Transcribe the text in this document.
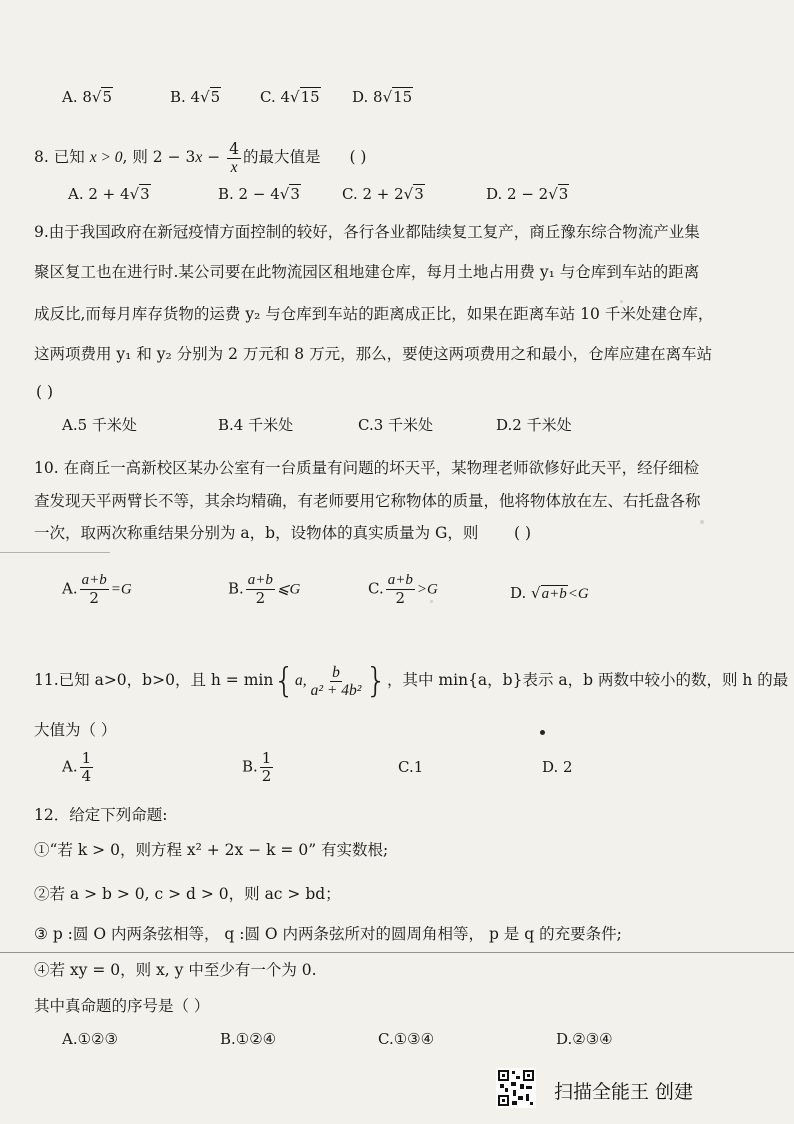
A. 8√5	B. 4√5	C. 4√15 D. 8√15
8. 已知 x > 0, 则 $2 - 3x - \frac{4}{x}$ 的最大值是 ( )
A. 2 + 4√3	B. 2 − 4√3	C. 2 + 2√3	D. 2 − 2√3
9.由于我国政府在新冠疫情方面控制的较好，各行各业都陆续复工复产，商丘豫东综合物流产业集
聚区复工也在进行时.某公司要在此物流园区租地建仓库，每月土地占用费 y₁ 与仓库到车站的距离
成反比,而每月库存货物的运费 y₂ 与仓库到车站的距离成正比，如果在距离车站 10 千米处建仓库，
这两项费用 y₁ 和 y₂ 分别为 2 万元和 8 万元，那么，要使这两项费用之和最小，仓库应建在离车站
( )
A.5 千米处	B.4 千米处	C.3 千米处	D.2 千米处
10. 在商丘一高新校区某办公室有一台质量有问题的坏天平，某物理老师欲修好此天平，经仔细检
查发现天平两臂长不等，其余均精确，有老师要用它称物体的质量，他将物体放在左、右托盘各称
一次，取两次称重结果分别为 a，b，设物体的真实质量为 G，则 ( )
A. $\frac{a+b}{2} =G$	B. $\frac{a+b}{2}$ ⩽G	C. $\frac{a+b}{2} >G$	D. √a+b<G
11.已知 a>0，b>0，且 h = min{a, $\frac{b}{\text{a² + 4b²}}$ }，其中 min{a，b}表示 a，b 两数中较小的数，则 h 的最
大值为（ ）
A. $\frac{1}{4}$	B. $\frac{1}{2}$	C.1	D. 2
12．给定下列命题:
①“若 k > 0，则方程 x² + 2x − k = 0” 有实数根;
②若 a > b > 0, c > d > 0，则 ac > bd；
③ p :圆 O 内两条弦相等， q :圆 O 内两条弦所对的圆周角相等， p 是 q 的充要条件;
④若 xy = 0，则 x, y 中至少有一个为 0.
其中真命题的序号是（ ）
A.①②③	B.①②④	C.①③④	D.②③④
扫描全能王 创建
